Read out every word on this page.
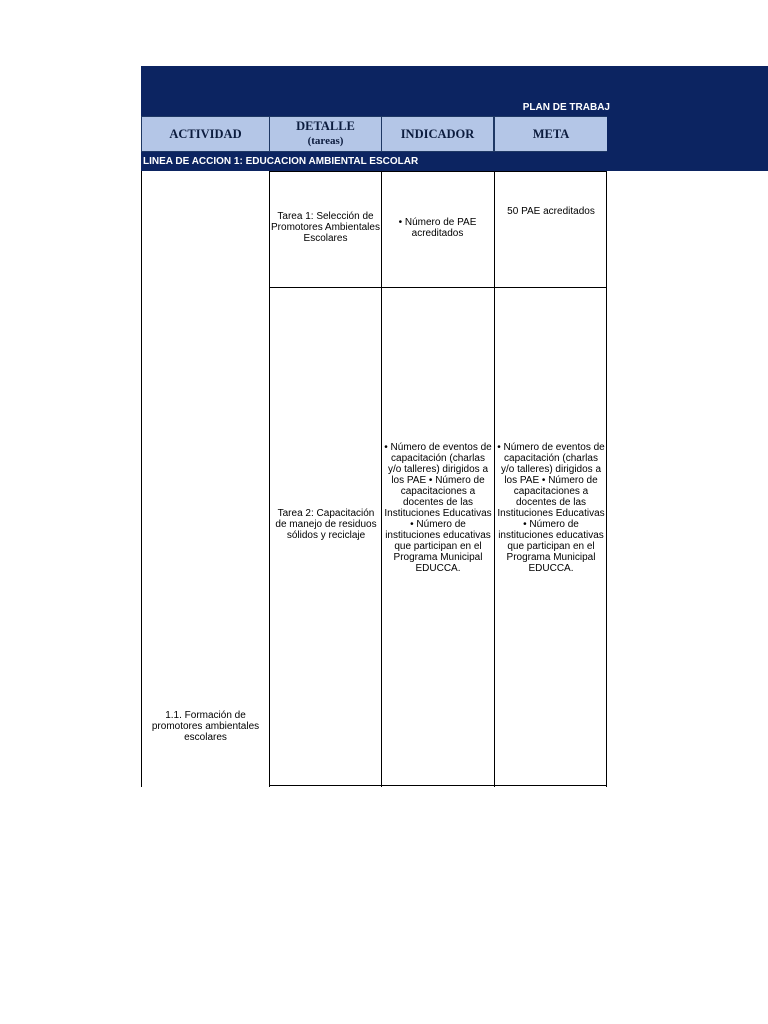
PLAN DE TRABAJ
ACTIVIDAD
DETALLE
(tareas)
INDICADOR	META
LINEA DE ACCION 1: EDUCACION AMBIENTAL ESCOLAR
1.1. Formación de promotores ambientales escolares
Tarea 1: Selección de Promotores Ambientales Escolares
• Número de PAE acreditados
50 PAE acreditados
Tarea 2: Capacitación de manejo de residuos sólidos y reciclaje
• Número de eventos de capacitación (charlas y/o talleres) dirigidos a los PAE • Número de capacitaciones a docentes de las Instituciones Educativas • Número de instituciones educativas que participan en el Programa Municipal EDUCCA.
• Número de eventos de capacitación (charlas y/o talleres) dirigidos a los PAE • Número de capacitaciones a docentes de las Instituciones Educativas • Número de instituciones educativas que participan en el Programa Municipal EDUCCA.
